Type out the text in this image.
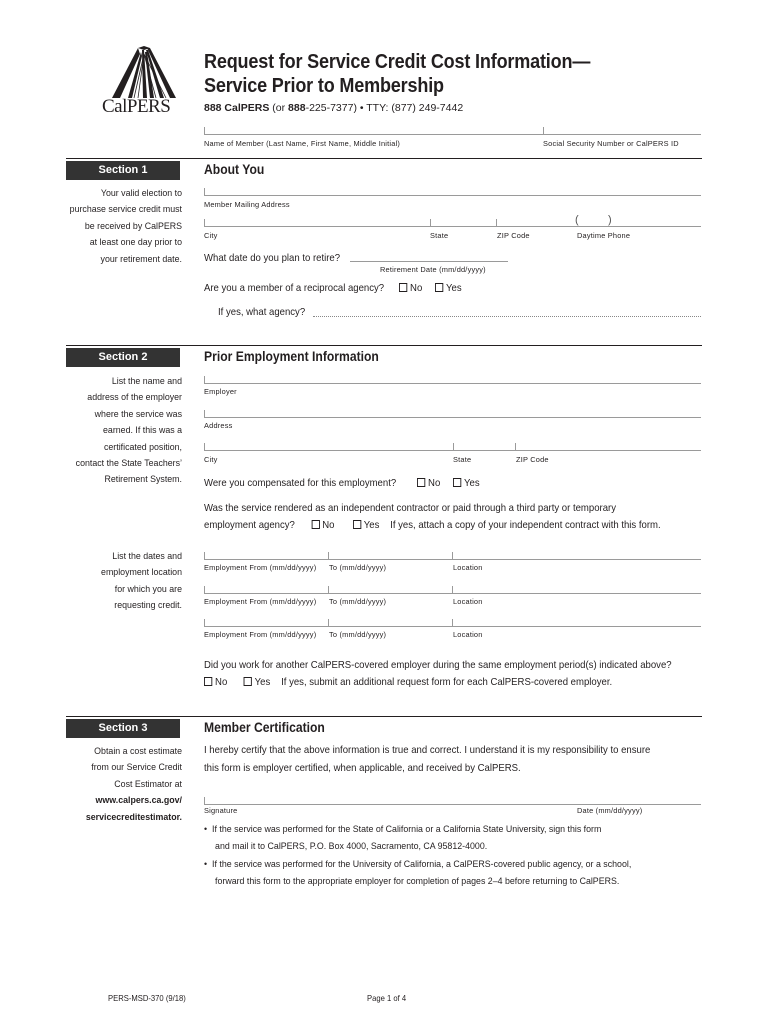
CalPERS
Request for Service Credit Cost Information—
Service Prior to Membership
888 CalPERS (or 888-225-7377) • TTY: (877) 249-7442
Name of Member (Last Name, First Name, Middle Initial)	Social Security Number or CalPERS ID
Section 1	About You
Your valid election to
purchase service credit must
be received by CalPERS
at least one day prior to
your retirement date.
Member Mailing Address
(	)
City	State	ZIP Code	Daytime Phone
What date do you plan to retire?
Retirement Date (mm/dd/yyyy)
Are you a member of a reciprocal agency?	No	Yes
If yes, what agency?
Section 2	Prior Employment Information
List the name and
address of the employer
where the service was
earned. If this was a
certificated position,
contact the State Teachers’
Retirement System.
Employer
Address
City	State	ZIP Code
Were you compensated for this employment?	No	Yes
Was the service rendered as an independent contractor or paid through a third party or temporary
employment agency?	No	Yes If yes, attach a copy of your independent contract with this form.
List the dates and
employment location
for which you are
requesting credit.
Employment From (mm/dd/yyyy) To (mm/dd/yyyy)	Location
Employment From (mm/dd/yyyy) To (mm/dd/yyyy)	Location
Employment From (mm/dd/yyyy) To (mm/dd/yyyy)	Location
Did you work for another CalPERS-covered employer during the same employment period(s) indicated above?
No	Yes If yes, submit an additional request form for each CalPERS-covered employer.
Section 3	Member Certification
Obtain a cost estimate
from our Service Credit
Cost Estimator at
www.calpers.ca.gov/
servicecreditestimator.
I hereby certify that the above information is true and correct. I understand it is my responsibility to ensure
this form is employer certified, when applicable, and received by CalPERS.
Signature	Date (mm/dd/yyyy)
•  If the service was performed for the State of California or a California State University, sign this form
and mail it to CalPERS, P.O. Box 4000, Sacramento, CA 95812-4000.
•  If the service was performed for the University of California, a CalPERS-covered public agency, or a school,
forward this form to the appropriate employer for completion of pages 2–4 before returning to CalPERS.
PERS-MSD-370 (9/18)	Page 1 of 4
